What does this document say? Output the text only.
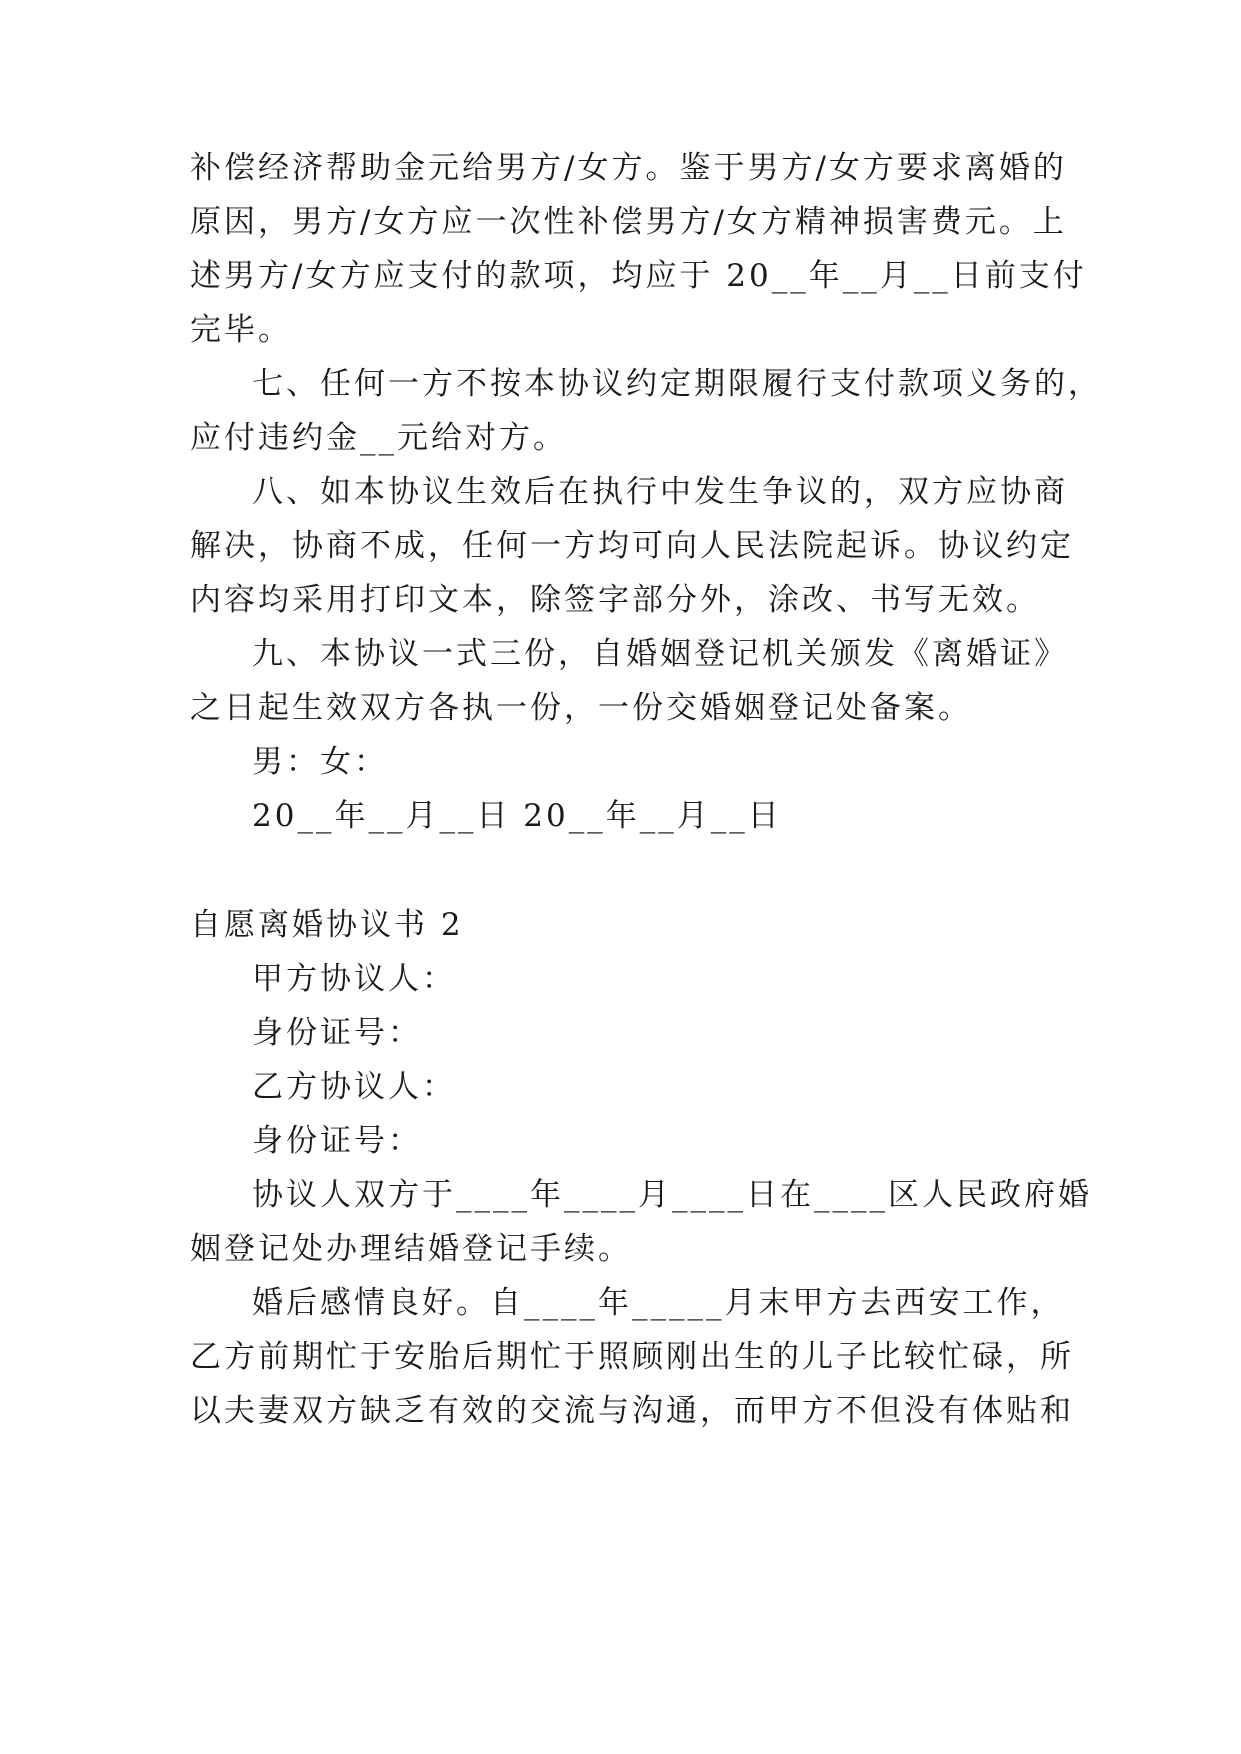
补偿经济帮助金元给男方/女方。鉴于男方/女方要求离婚的
原因，男方/女方应一次性补偿男方/女方精神损害费元。上
述男方/女方应支付的款项，均应于 20__年__月__日前支付
完毕。
七、任何一方不按本协议约定期限履行支付款项义务的，
应付违约金__元给对方。
八、如本协议生效后在执行中发生争议的，双方应协商
解决，协商不成，任何一方均可向人民法院起诉。协议约定
内容均采用打印文本，除签字部分外，涂改、书写无效。
九、本协议一式三份，自婚姻登记机关颁发《离婚证》
之日起生效双方各执一份，一份交婚姻登记处备案。
男：女：
20__年__月__日 20__年__月__日
自愿离婚协议书 2
甲方协议人：
身份证号：
乙方协议人：
身份证号：
协议人双方于____年____月____日在____区人民政府婚
姻登记处办理结婚登记手续。
婚后感情良好。自____年_____月末甲方去西安工作，
乙方前期忙于安胎后期忙于照顾刚出生的儿子比较忙碌，所
以夫妻双方缺乏有效的交流与沟通，而甲方不但没有体贴和
